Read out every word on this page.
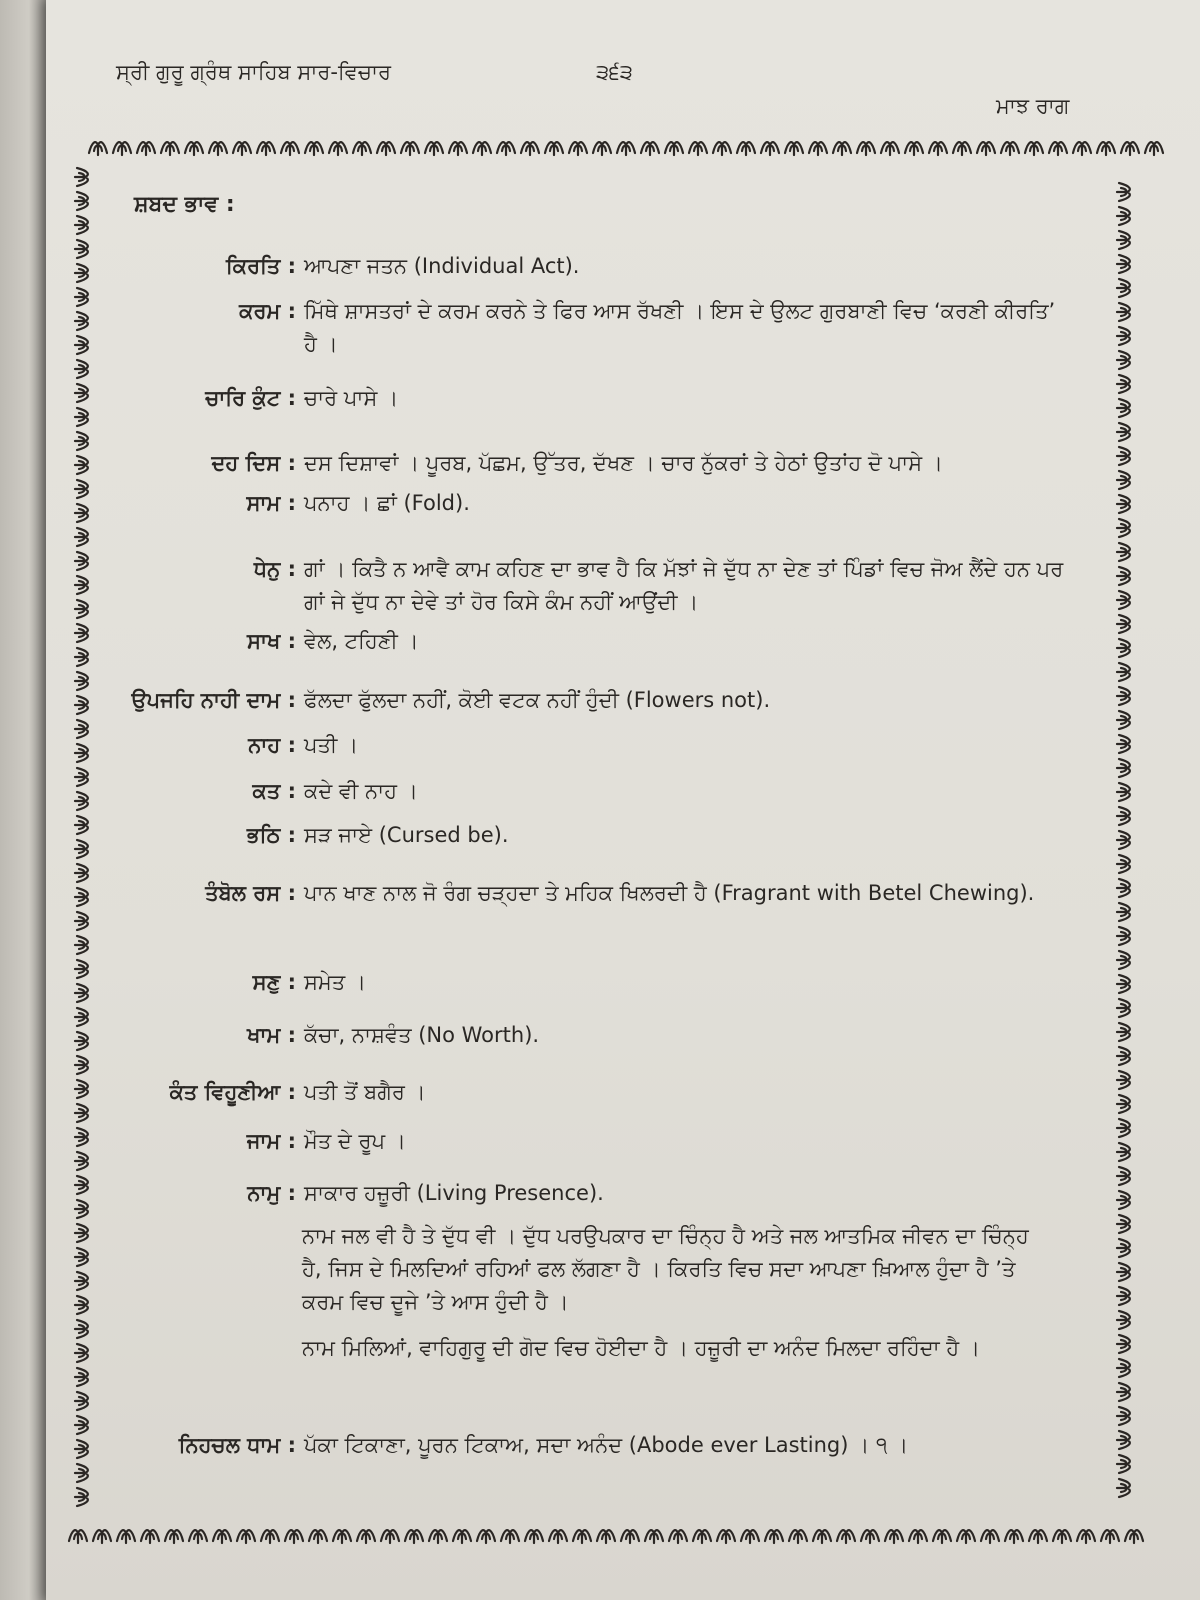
ਸ੍ਰੀ ਗੁਰੂ ਗ੍ਰੰਥ ਸਾਹਿਬ ਸਾਰ-ਵਿਚਾਰ	੩੬੩
ਮਾਝ ਰਾਗ
ਸ਼ਬਦ ਭਾਵ :
ਕਿਰਤਿ : ਆਪਣਾ ਜਤਨ (Individual Act).
ਕਰਮ : ਮਿੱਥੇ ਸ਼ਾਸਤਰਾਂ ਦੇ ਕਰਮ ਕਰਨੇ ਤੇ ਫਿਰ ਆਸ ਰੱਖਣੀ । ਇਸ ਦੇ ਉਲਟ ਗੁਰਬਾਣੀ ਵਿਚ ‘ਕਰਣੀ ਕੀਰਤਿ’ ਹੈ ।
ਚਾਰਿ ਕੁੰਟ : ਚਾਰੇ ਪਾਸੇ ।
ਦਹ ਦਿਸ : ਦਸ ਦਿਸ਼ਾਵਾਂ । ਪੂਰਬ, ਪੱਛਮ, ਉੱਤਰ, ਦੱਖਣ । ਚਾਰ ਨੁੱਕਰਾਂ ਤੇ ਹੇਠਾਂ ਉਤਾਂਹ ਦੋ ਪਾਸੇ ।
ਸਾਮ : ਪਨਾਹ । ਛਾਂ (Fold).
ਧੇਨੁ : ਗਾਂ । ਕਿਤੈ ਨ ਆਵੈ ਕਾਮ ਕਹਿਣ ਦਾ ਭਾਵ ਹੈ ਕਿ ਮੱਝਾਂ ਜੇ ਦੁੱਧ ਨਾ ਦੇਣ ਤਾਂ ਪਿੰਡਾਂ ਵਿਚ ਜੋਅ ਲੈਂਦੇ ਹਨ ਪਰ ਗਾਂ ਜੇ ਦੁੱਧ ਨਾ ਦੇਵੇ ਤਾਂ ਹੋਰ ਕਿਸੇ ਕੰਮ ਨਹੀਂ ਆਉਂਦੀ ।
ਸਾਖ : ਵੇਲ, ਟਹਿਣੀ ।
ਉਪਜਹਿ ਨਾਹੀ ਦਾਮ : ਫੱਲਦਾ ਫੁੱਲਦਾ ਨਹੀਂ, ਕੋਈ ਵਟਕ ਨਹੀਂ ਹੁੰਦੀ (Flowers not).
ਨਾਹ : ਪਤੀ ।
ਕਤ : ਕਦੇ ਵੀ ਨਾਹ ।
ਭਠਿ : ਸੜ ਜਾਏ (Cursed be).
ਤੰਬੋਲ ਰਸ : ਪਾਨ ਖਾਣ ਨਾਲ ਜੋ ਰੰਗ ਚੜ੍ਹਦਾ ਤੇ ਮਹਿਕ ਖਿਲਰਦੀ ਹੈ (Fragrant with Betel Chewing).
ਸਣੁ : ਸਮੇਤ ।
ਖਾਮ : ਕੱਚਾ, ਨਾਸ਼ਵੰਤ (No Worth).
ਕੰਤ ਵਿਹੂਣੀਆ : ਪਤੀ ਤੋਂ ਬਗੈਰ ।
ਜਾਮ : ਮੌਤ ਦੇ ਰੂਪ ।
ਨਾਮੁ : ਸਾਕਾਰ ਹਜ਼ੂਰੀ (Living Presence).
ਨਾਮ ਜਲ ਵੀ ਹੈ ਤੇ ਦੁੱਧ ਵੀ । ਦੁੱਧ ਪਰਉਪਕਾਰ ਦਾ ਚਿੰਨ੍ਹ ਹੈ ਅਤੇ ਜਲ ਆਤਮਿਕ ਜੀਵਨ ਦਾ ਚਿੰਨ੍ਹ ਹੈ, ਜਿਸ ਦੇ ਮਿਲਦਿਆਂ ਰਹਿਆਂ ਫਲ ਲੱਗਣਾ ਹੈ । ਕਿਰਤਿ ਵਿਚ ਸਦਾ ਆਪਣਾ ਖ਼ਿਆਲ ਹੁੰਦਾ ਹੈ ’ਤੇ ਕਰਮ ਵਿਚ ਦੂਜੇ ’ਤੇ ਆਸ ਹੁੰਦੀ ਹੈ ।
ਨਾਮ ਮਿਲਿਆਂ, ਵਾਹਿਗੁਰੂ ਦੀ ਗੋਦ ਵਿਚ ਹੋਈਦਾ ਹੈ । ਹਜ਼ੂਰੀ ਦਾ ਅਨੰਦ ਮਿਲਦਾ ਰਹਿੰਦਾ ਹੈ ।
ਨਿਹਚਲ ਧਾਮ : ਪੱਕਾ ਟਿਕਾਣਾ, ਪੂਰਨ ਟਿਕਾਅ, ਸਦਾ ਅਨੰਦ (Abode ever Lasting) । ੧ ।
